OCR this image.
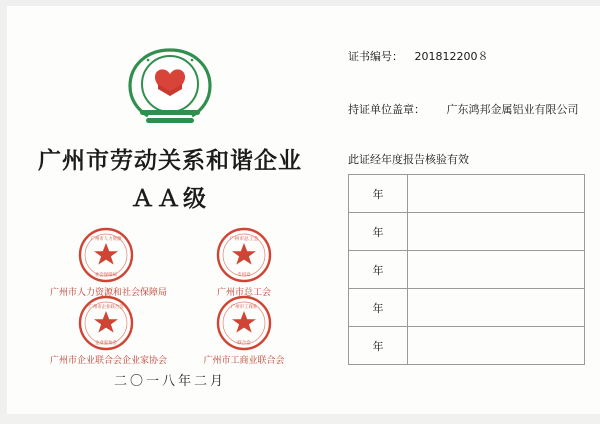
广州市劳动关系和谐企业
ＡＡ级
广州市人力资源
社会保障局
广州市人力资源和社会保障局
广州市总工会
专用章
广州市总工会
广州市企业联合会
企业家协会
广州市企业联合会企业家协会
广州市工商业
联合会
广州市工商业联合会
二〇一八年二月
证书编号： 201812200８
持证单位盖章： 广东鸿邦金属铝业有限公司
此证经年度报告核验有效
年	
年	
年	
年	
年	
